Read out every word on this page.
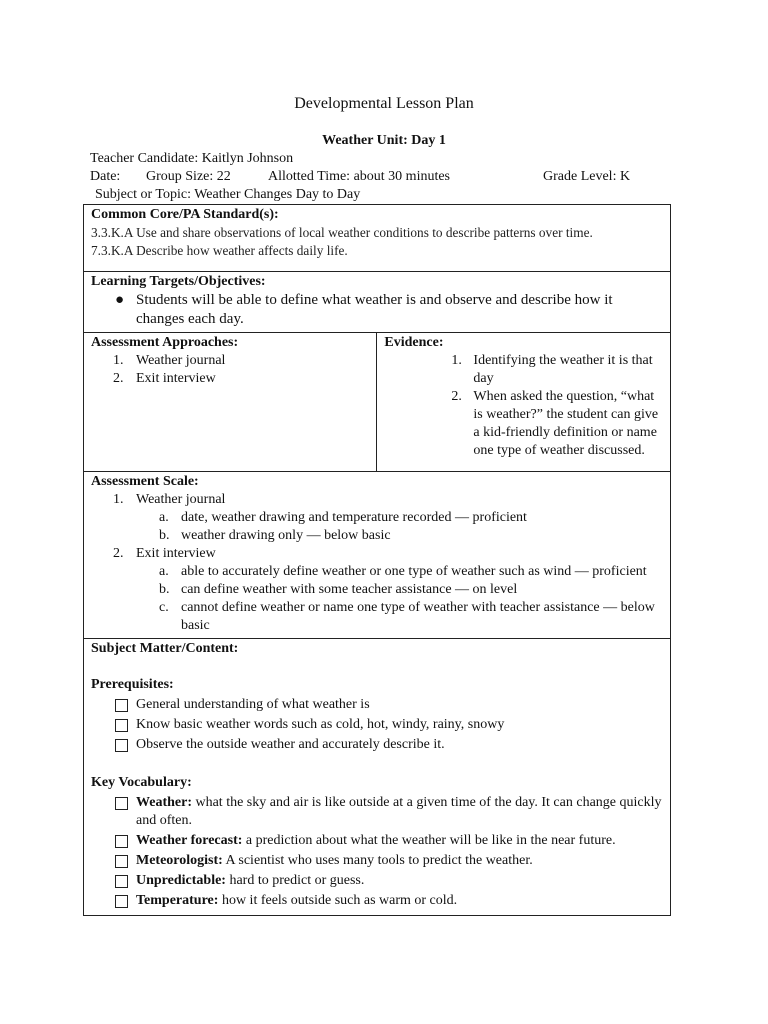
Developmental Lesson Plan
Weather Unit: Day 1
Teacher Candidate: Kaitlyn Johnson
Date: Group Size: 22	Allotted Time: about 30 minutes	Grade Level: K
Subject or Topic: Weather Changes Day to Day
Common Core/PA Standard(s):
3.3.K.A Use and share observations of local weather conditions to describe patterns over time.
7.3.K.A Describe how weather affects daily life.

Learning Targets/Objectives:
● Students will be able to define what weather is and observe and describe how it changes each day.

Assessment Approaches:
1. Weather journal
2. Exit interview

Evidence:
1. Identifying the weather it is that day
2. When asked the question, “what is weather?” the student can give a kid-friendly definition or name one type of weather discussed.

Assessment Scale:
1. Weather journal
a. date, weather drawing and temperature recorded — proficient
b. weather drawing only — below basic
2. Exit interview
a. able to accurately define weather or one type of weather such as wind — proficient
b. can define weather with some teacher assistance — on level
c. cannot define weather or name one type of weather with teacher assistance — below basic

Subject Matter/Content:
Prerequisites:
General understanding of what weather is
Know basic weather words such as cold, hot, windy, rainy, snowy
Observe the outside weather and accurately describe it.
Key Vocabulary:
Weather: what the sky and air is like outside at a given time of the day. It can change quickly and often.
Weather forecast: a prediction about what the weather will be like in the near future.
Meteorologist: A scientist who uses many tools to predict the weather.
Unpredictable: hard to predict or guess.
Temperature: how it feels outside such as warm or cold.
